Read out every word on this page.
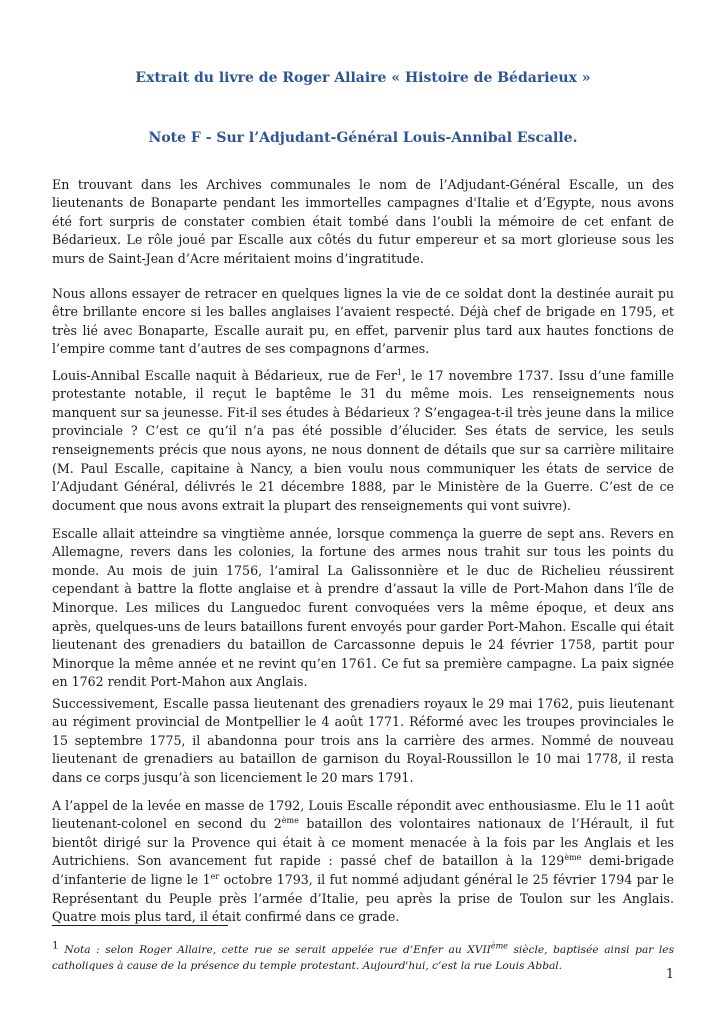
Extrait du livre de Roger Allaire « Histoire de Bédarieux »
Note F - Sur l’Adjudant-Général Louis-Annibal Escalle.

En trouvant dans les Archives communales le nom de l’Adjudant-Général Escalle, un des lieutenants de Bonaparte pendant les immortelles campagnes d'Italie et d’Egypte, nous avons été fort surpris de constater combien était tombé dans l’oubli la mémoire de cet enfant de Bédarieux. Le rôle joué par Escalle aux côtés du futur empereur et sa mort glorieuse sous les murs de Saint-Jean d’Acre méritaient moins d’ingratitude.

Nous allons essayer de retracer en quelques lignes la vie de ce soldat dont la destinée aurait pu être brillante encore si les balles anglaises l’avaient respecté. Déjà chef de brigade en 1795, et très lié avec Bonaparte, Escalle aurait pu, en effet, parvenir plus tard aux hautes fonctions de l’empire comme tant d’autres de ses compagnons d’armes.

Louis-Annibal Escalle naquit à Bédarieux, rue de Fer$^1$, le 17 novembre 1737. Issu d’une famille protestante notable, il reçut le baptême le 31 du même mois. Les renseignements nous manquent sur sa jeunesse. Fit-il ses études à Bédarieux ? S’engagea-t-il très jeune dans la milice provinciale ? C’est ce qu’il n’a pas été possible d’élucider. Ses états de service, les seuls renseignements précis que nous ayons, ne nous donnent de détails que sur sa carrière militaire (M. Paul Escalle, capitaine à Nancy, a bien voulu nous communiquer les états de service de l’Adjudant Général, délivrés le 21 décembre 1888, par le Ministère de la Guerre. C’est de ce document que nous avons extrait la plupart des renseignements qui vont suivre).

Escalle allait atteindre sa vingtième année, lorsque commença la guerre de sept ans. Revers en Allemagne, revers dans les colonies, la fortune des armes nous trahit sur tous les points du monde. Au mois de juin 1756, l’amiral La Galissonnière et le duc de Richelieu réussirent cependant à battre la flotte anglaise et à prendre d’assaut la ville de Port-Mahon dans l’île de Minorque. Les milices du Languedoc furent convoquées vers la même époque, et deux ans après, quelques-uns de leurs bataillons furent envoyés pour garder Port-Mahon. Escalle qui était lieutenant des grenadiers du bataillon de Carcassonne depuis le 24 février 1758, partit pour Minorque la même année et ne revint qu’en 1761. Ce fut sa première campagne. La paix signée en 1762 rendit Port-Mahon aux Anglais.

Successivement, Escalle passa lieutenant des grenadiers royaux le 29 mai 1762, puis lieutenant au régiment provincial de Montpellier le 4 août 1771. Réformé avec les troupes provinciales le 15 septembre 1775, il abandonna pour trois ans la carrière des armes. Nommé de nouveau lieutenant de grenadiers au bataillon de garnison du Royal-Roussillon le 10 mai 1778, il resta dans ce corps jusqu’à son licenciement le 20 mars 1791.

A l’appel de la levée en masse de 1792, Louis Escalle répondit avec enthousiasme. Elu le 11 août lieutenant-colonel en second du 2ème bataillon des volontaires nationaux de l’Hérault, il fut bientôt dirigé sur la Provence qui était à ce moment menacée à la fois par les Anglais et les Autrichiens. Son avancement fut rapide : passé chef de bataillon à la 129ème demi-brigade d’infanterie de ligne le 1er octobre 1793, il fut nommé adjudant général le 25 février 1794 par le Représentant du Peuple près l’armée d’Italie, peu après la prise de Toulon sur les Anglais. Quatre mois plus tard, il était confirmé dans ce grade.

$^1$ Nota : selon Roger Allaire, cette rue se serait appelée rue d’Enfer au XVIIème siècle, baptisée ainsi par les catholiques à cause de la présence du temple protestant. Aujourd'hui, c’est la rue Louis Abbal.

1
